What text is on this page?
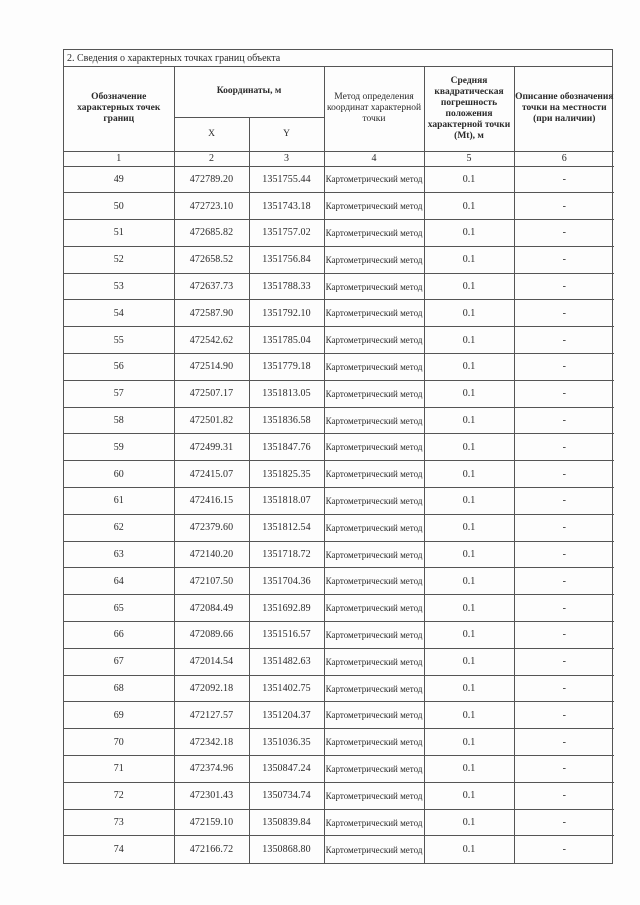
2. Сведения о характерных точках границ объекта
Обозначение характерных точек границ	Координаты, м		Метод определения координат характерной точки	Средняя квадратическая погрешность положения характерной точки (Mt), м	Описание обозначения точки на местности (при наличии)
	X	Y			
1	2	3	4	5	6
49	472789.20	1351755.44	Картометрический метод	0.1	-
50	472723.10	1351743.18	Картометрический метод	0.1	-
51	472685.82	1351757.02	Картометрический метод	0.1	-
52	472658.52	1351756.84	Картометрический метод	0.1	-
53	472637.73	1351788.33	Картометрический метод	0.1	-
54	472587.90	1351792.10	Картометрический метод	0.1	-
55	472542.62	1351785.04	Картометрический метод	0.1	-
56	472514.90	1351779.18	Картометрический метод	0.1	-
57	472507.17	1351813.05	Картометрический метод	0.1	-
58	472501.82	1351836.58	Картометрический метод	0.1	-
59	472499.31	1351847.76	Картометрический метод	0.1	-
60	472415.07	1351825.35	Картометрический метод	0.1	-
61	472416.15	1351818.07	Картометрический метод	0.1	-
62	472379.60	1351812.54	Картометрический метод	0.1	-
63	472140.20	1351718.72	Картометрический метод	0.1	-
64	472107.50	1351704.36	Картометрический метод	0.1	-
65	472084.49	1351692.89	Картометрический метод	0.1	-
66	472089.66	1351516.57	Картометрический метод	0.1	-
67	472014.54	1351482.63	Картометрический метод	0.1	-
68	472092.18	1351402.75	Картометрический метод	0.1	-
69	472127.57	1351204.37	Картометрический метод	0.1	-
70	472342.18	1351036.35	Картометрический метод	0.1	-
71	472374.96	1350847.24	Картометрический метод	0.1	-
72	472301.43	1350734.74	Картометрический метод	0.1	-
73	472159.10	1350839.84	Картометрический метод	0.1	-
74	472166.72	1350868.80	Картометрический метод	0.1	-
